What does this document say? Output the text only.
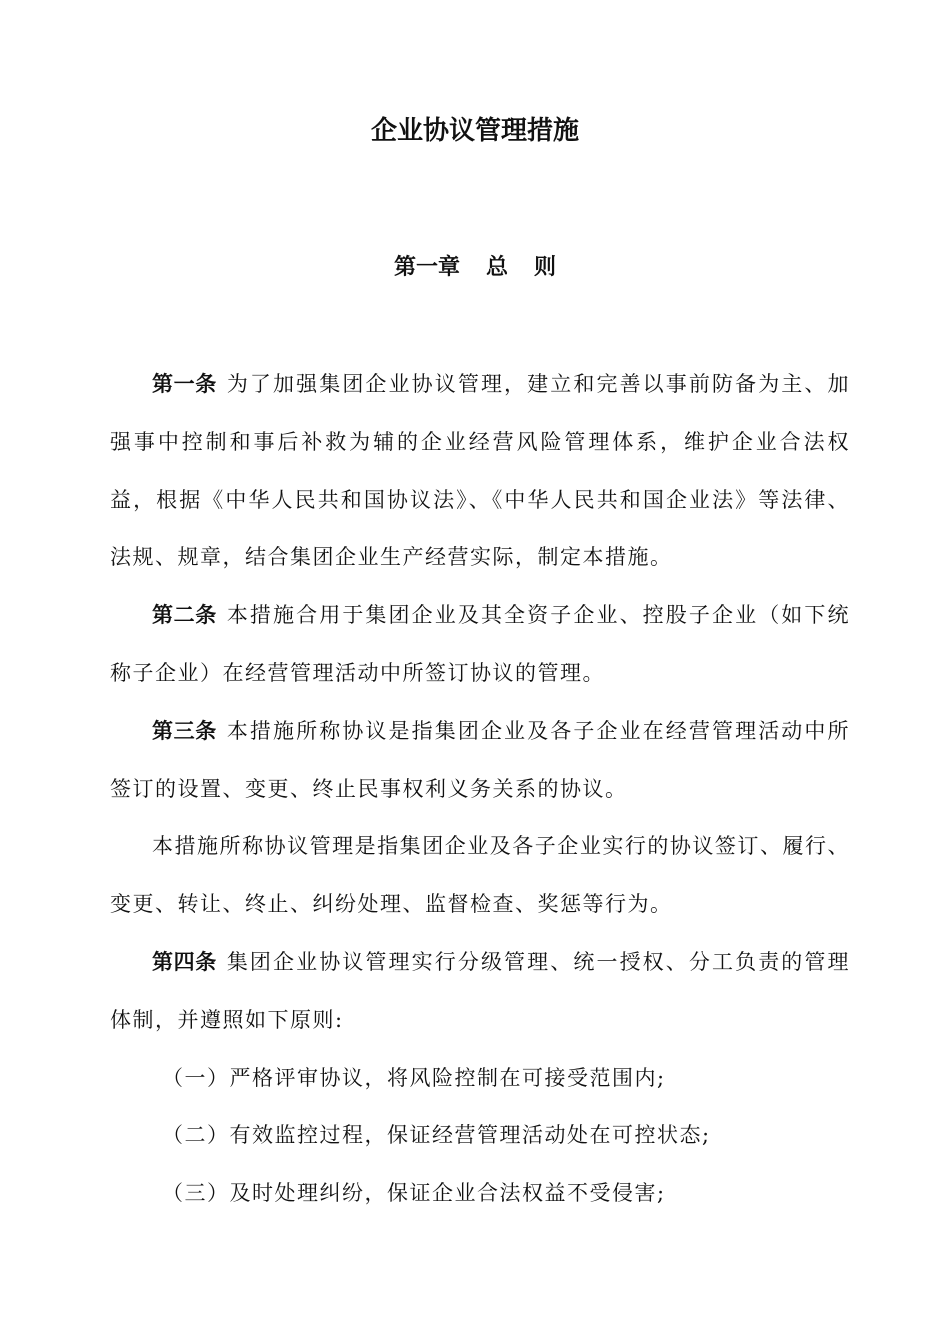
企业协议管理措施
第一章 总 则

第一条 为了加强集团企业协议管理，建立和完善以事前防备为主、加强事中控制和事后补救为辅的企业经营风险管理体系，维护企业合法权益，根据《中华人民共和国协议法》、《中华人民共和国企业法》等法律、法规、规章，结合集团企业生产经营实际，制定本措施。

第二条 本措施合用于集团企业及其全资子企业、控股子企业（如下统称子企业）在经营管理活动中所签订协议的管理。

第三条 本措施所称协议是指集团企业及各子企业在经营管理活动中所签订的设置、变更、终止民事权利义务关系的协议。

本措施所称协议管理是指集团企业及各子企业实行的协议签订、履行、变更、转让、终止、纠纷处理、监督检查、奖惩等行为。

第四条 集团企业协议管理实行分级管理、统一授权、分工负责的管理体制，并遵照如下原则:

（一）严格评审协议，将风险控制在可接受范围内;

（二）有效监控过程，保证经营管理活动处在可控状态;

（三）及时处理纠纷，保证企业合法权益不受侵害;
